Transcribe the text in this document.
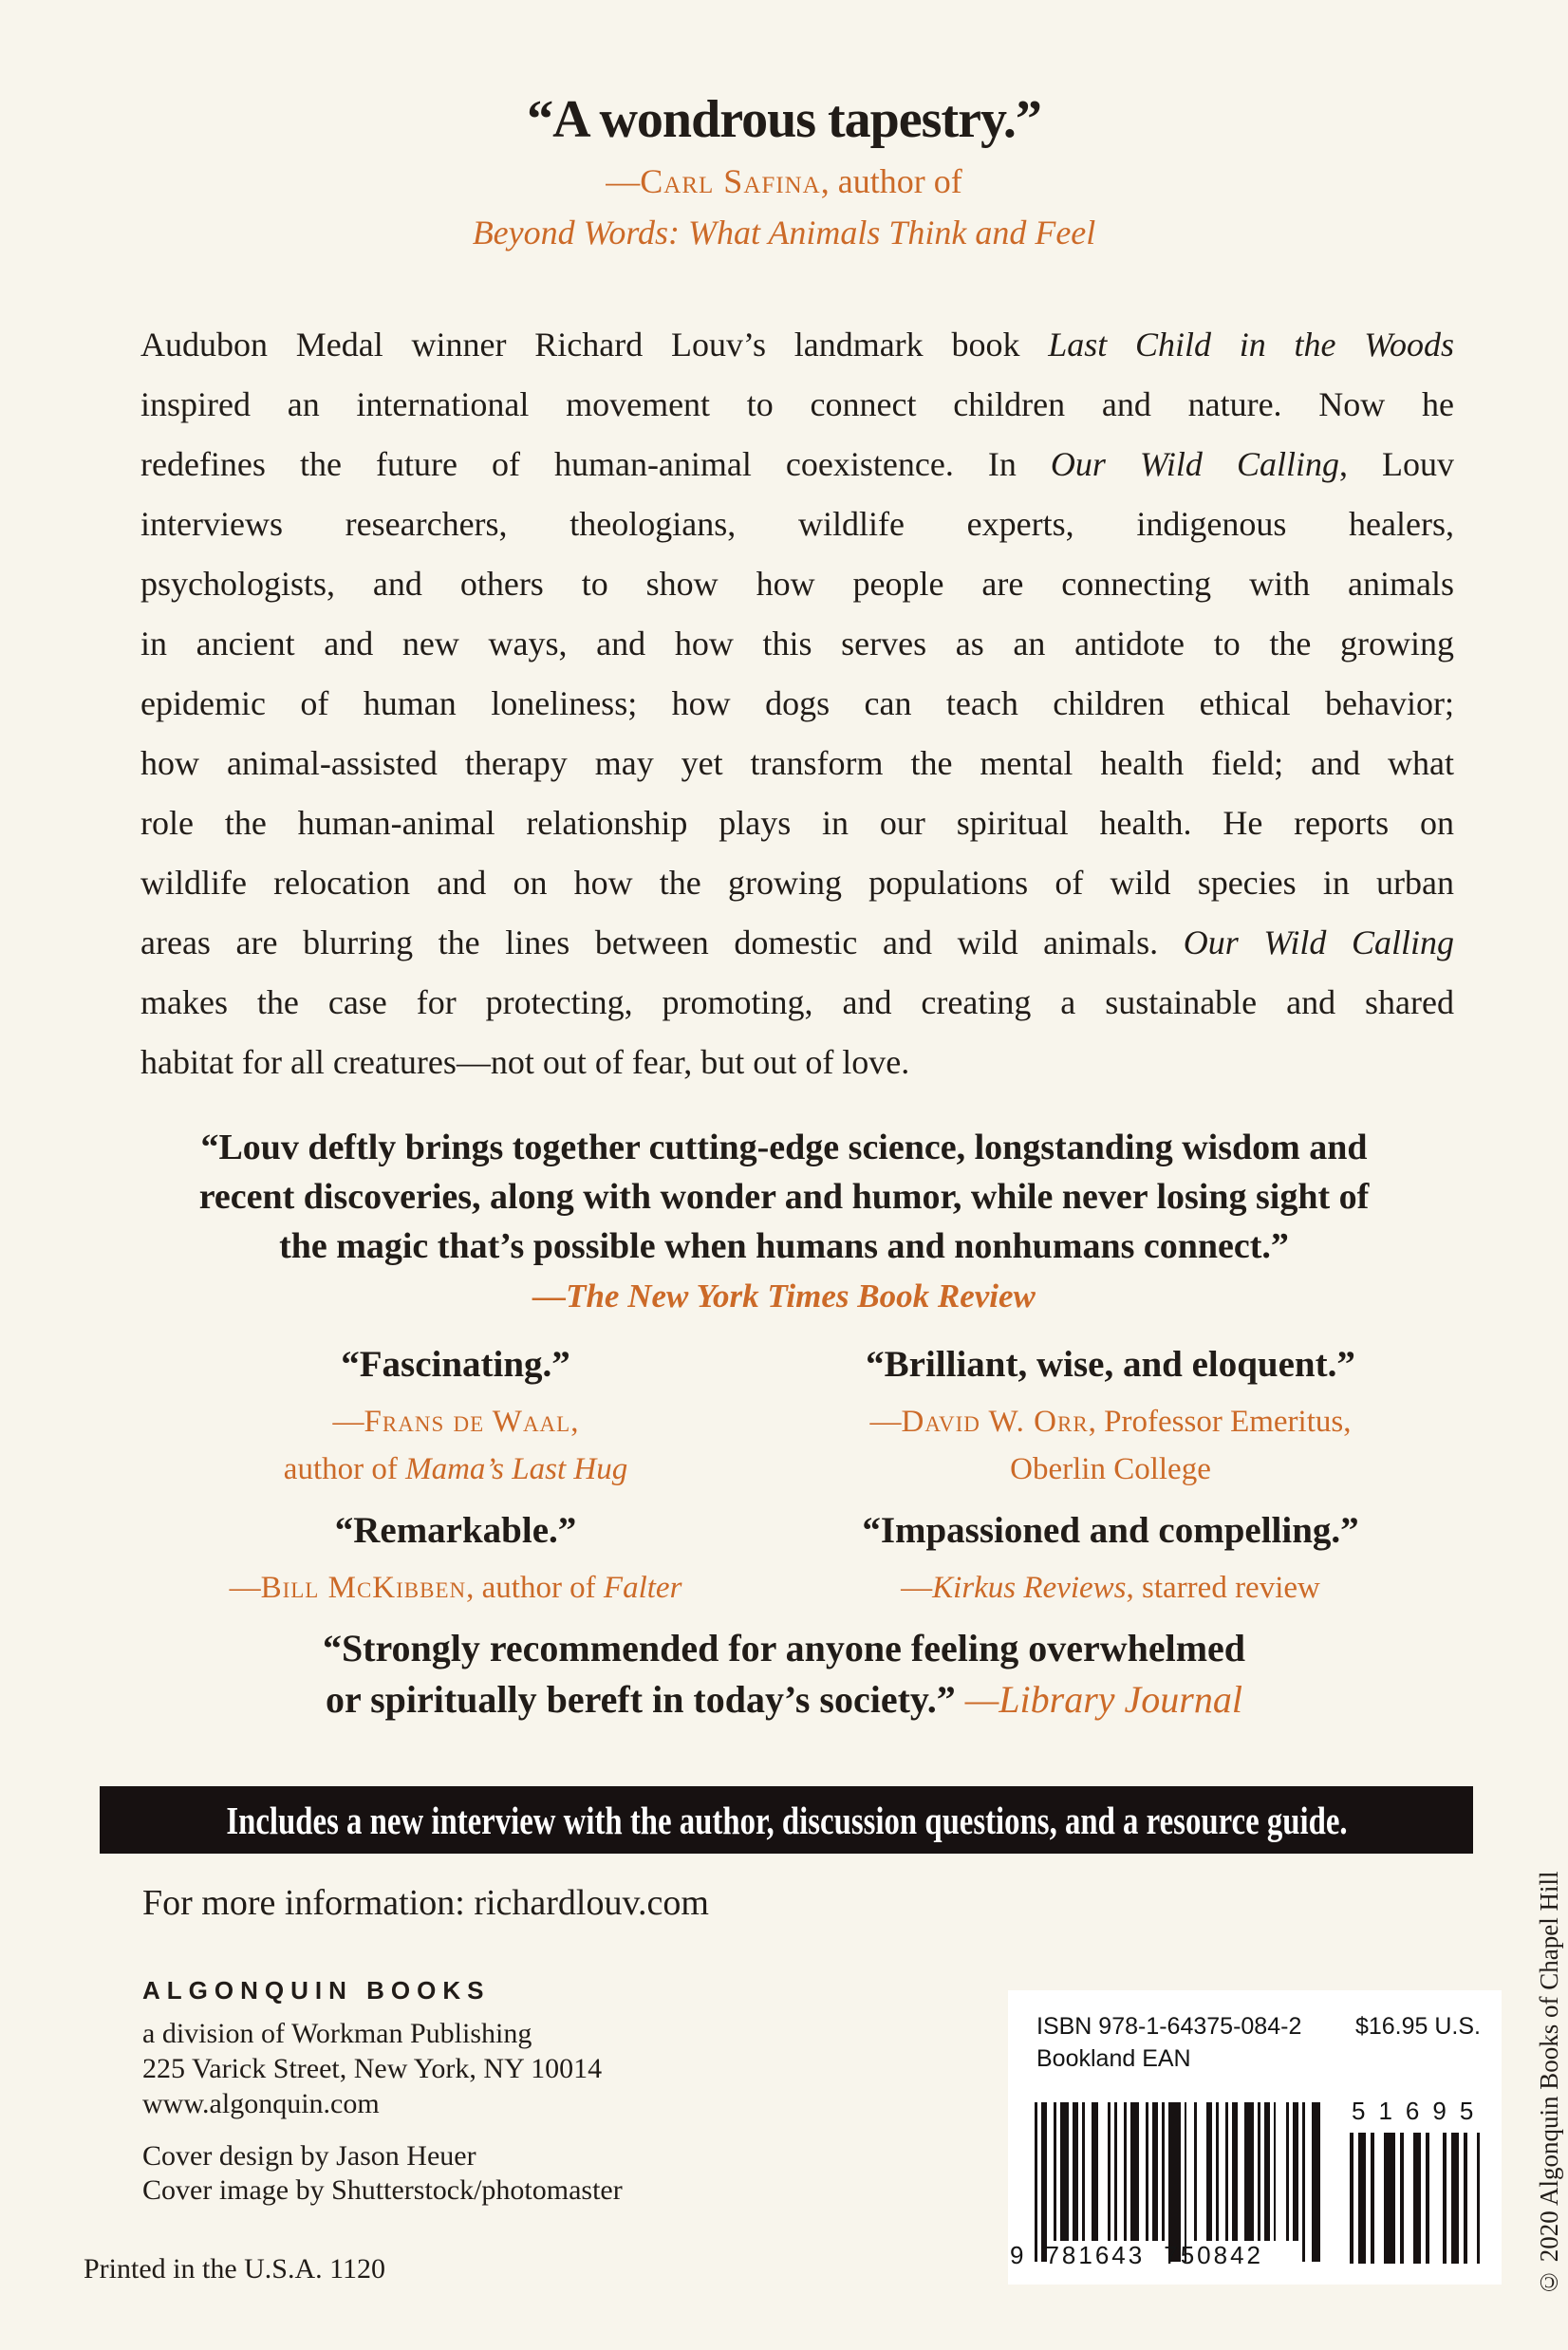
“A wondrous tapestry.”
—Carl Safina, author of
Beyond Words: What Animals Think and Feel
Audubon Medal winner Richard Louv’s landmark book Last Child in the Woods
inspired an international movement to connect children and nature. Now he
redefines the future of human-animal coexistence. In Our Wild Calling, Louv
interviews researchers, theologians, wildlife experts, indigenous healers,
psychologists, and others to show how people are connecting with animals
in ancient and new ways, and how this serves as an antidote to the growing
epidemic of human loneliness; how dogs can teach children ethical behavior;
how animal-assisted therapy may yet transform the mental health field; and what
role the human-animal relationship plays in our spiritual health. He reports on
wildlife relocation and on how the growing populations of wild species in urban
areas are blurring the lines between domestic and wild animals. Our Wild Calling
makes the case for protecting, promoting, and creating a sustainable and shared
habitat for all creatures—not out of fear, but out of love.
“Louv deftly brings together cutting-edge science, longstanding wisdom and
recent discoveries, along with wonder and humor, while never losing sight of
the magic that’s possible when humans and nonhumans connect.”
—The New York Times Book Review
“Fascinating.”
—Frans de Waal,
author of Mama’s Last Hug
“Brilliant, wise, and eloquent.”
—David W. Orr, Professor Emeritus,
Oberlin College
“Remarkable.”
—Bill McKibben, author of Falter
“Impassioned and compelling.”
—Kirkus Reviews, starred review
“Strongly recommended for anyone feeling overwhelmed
or spiritually bereft in today’s society.” —Library Journal
Includes a new interview with the author, discussion questions, and a resource guide.
For more information: richardlouv.com
ALGONQUIN BOOKS
a division of Workman Publishing
225 Varick Street, New York, NY 10014
www.algonquin.com
Cover design by Jason Heuer
Cover image by Shutterstock/photomaster
Printed in the U.S.A. 1120
ISBN 978-1-64375-084-2
Bookland EAN
$16.95 U.S.
9 781643 750842
51695 © 2020 Algonquin Books of Chapel Hill
